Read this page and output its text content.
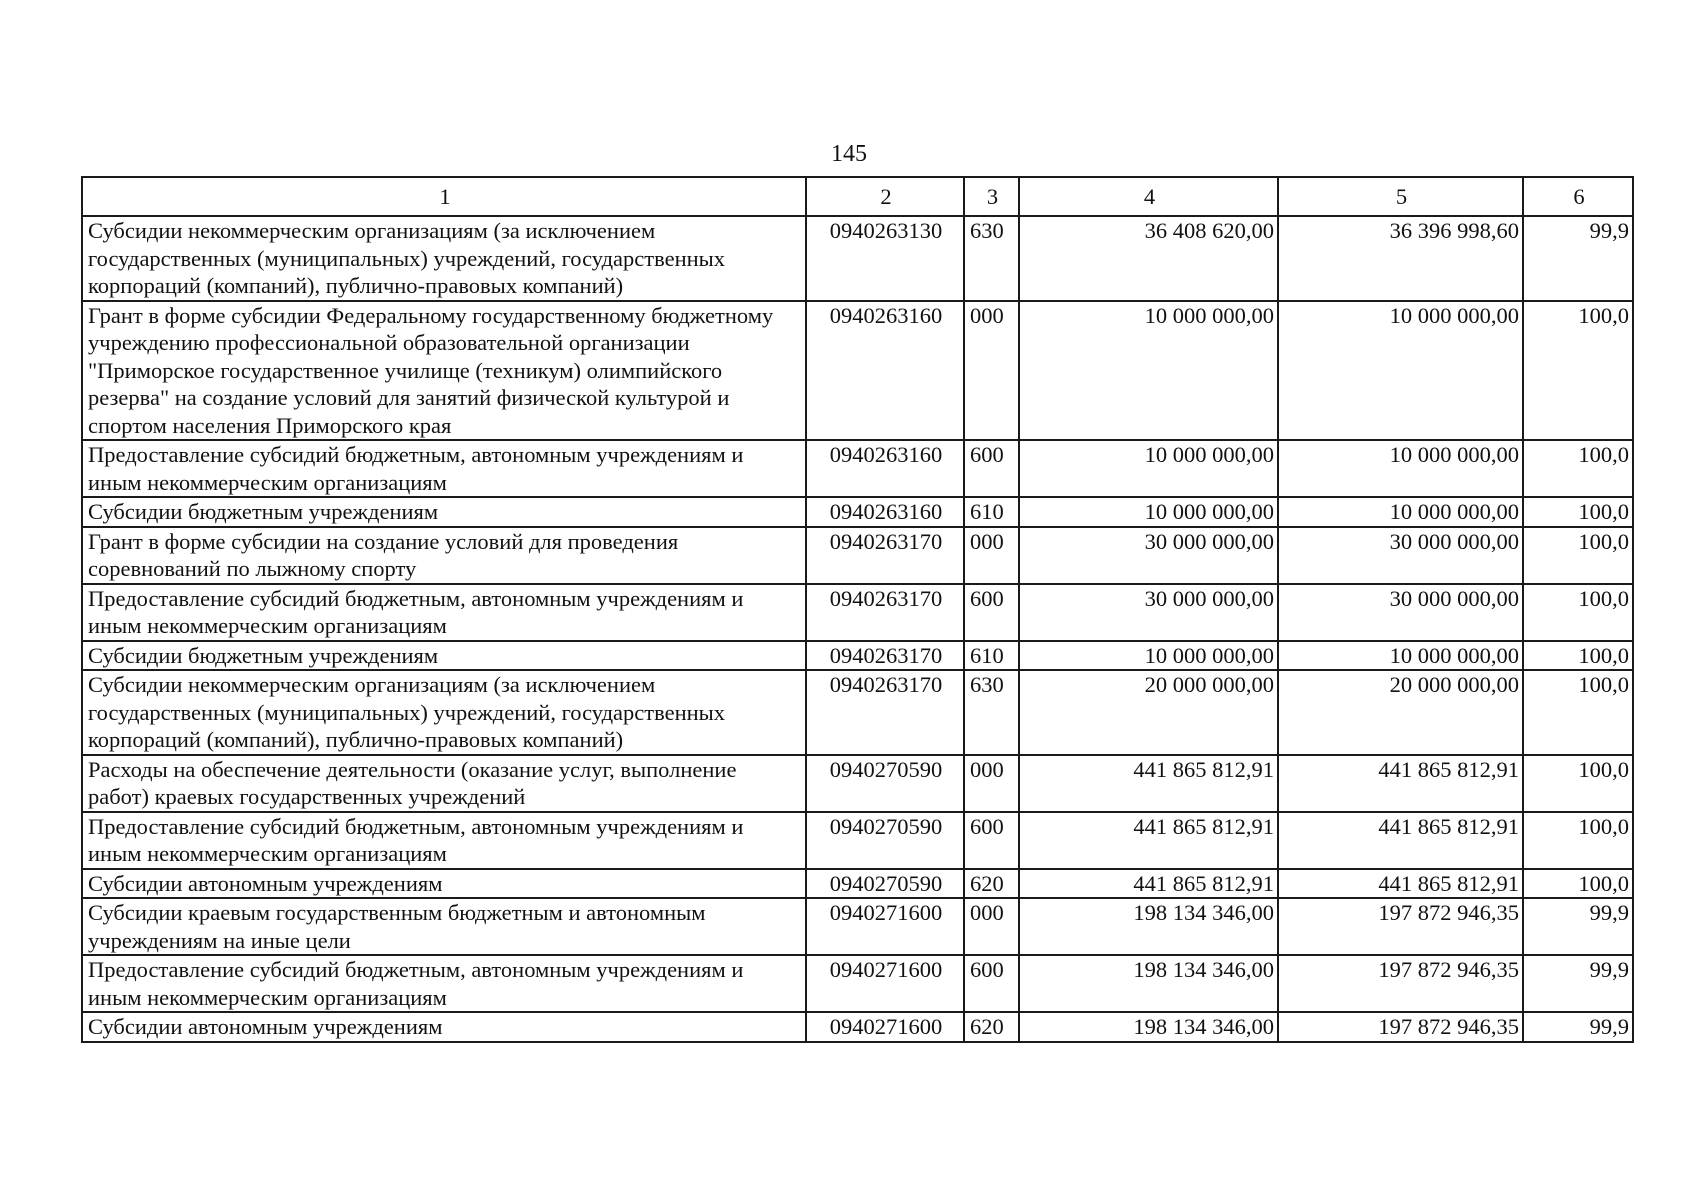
145
1	2	3	4	5	6
Субсидии некоммерческим организациям (за исключением государственных (муниципальных) учреждений, государственных корпораций (компаний), публично-правовых компаний)	0940263130	630	36 408 620,00	36 396 998,60	99,9
Грант в форме субсидии Федеральному государственному бюджетному учреждению профессиональной образовательной организации "Приморское государственное училище (техникум) олимпийского резерва" на создание условий для занятий физической культурой и спортом населения Приморского края	0940263160	000	10 000 000,00	10 000 000,00	100,0
Предоставление субсидий бюджетным, автономным учреждениям и иным некоммерческим организациям	0940263160	600	10 000 000,00	10 000 000,00	100,0
Субсидии бюджетным учреждениям	0940263160	610	10 000 000,00	10 000 000,00	100,0
Грант в форме субсидии на создание условий для проведения соревнований по лыжному спорту	0940263170	000	30 000 000,00	30 000 000,00	100,0
Предоставление субсидий бюджетным, автономным учреждениям и иным некоммерческим организациям	0940263170	600	30 000 000,00	30 000 000,00	100,0
Субсидии бюджетным учреждениям	0940263170	610	10 000 000,00	10 000 000,00	100,0
Субсидии некоммерческим организациям (за исключением государственных (муниципальных) учреждений, государственных корпораций (компаний), публично-правовых компаний)	0940263170	630	20 000 000,00	20 000 000,00	100,0
Расходы на обеспечение деятельности (оказание услуг, выполнение работ) краевых государственных учреждений	0940270590	000	441 865 812,91	441 865 812,91	100,0
Предоставление субсидий бюджетным, автономным учреждениям и иным некоммерческим организациям	0940270590	600	441 865 812,91	441 865 812,91	100,0
Субсидии автономным учреждениям	0940270590	620	441 865 812,91	441 865 812,91	100,0
Субсидии краевым государственным бюджетным и автономным учреждениям на иные цели	0940271600	000	198 134 346,00	197 872 946,35	99,9
Предоставление субсидий бюджетным, автономным учреждениям и иным некоммерческим организациям	0940271600	600	198 134 346,00	197 872 946,35	99,9
Субсидии автономным учреждениям	0940271600	620	198 134 346,00	197 872 946,35	99,9
